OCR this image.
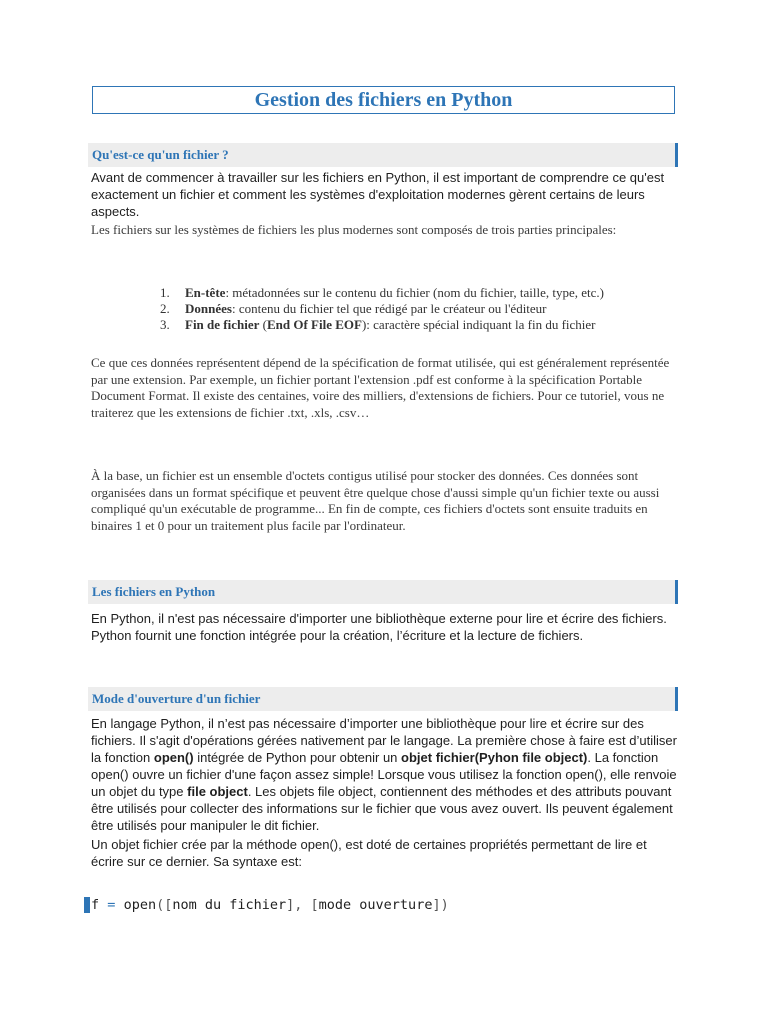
Gestion des fichiers en Python
Qu'est-ce qu'un fichier ?

Avant de commencer à travailler sur les fichiers en Python, il est important de comprendre ce qu'est exactement un fichier et comment les systèmes d'exploitation modernes gèrent certains de leurs aspects.

Les fichiers sur les systèmes de fichiers les plus modernes sont composés de trois parties principales:

1. En-tête: métadonnées sur le contenu du fichier (nom du fichier, taille, type, etc.)
2. Données: contenu du fichier tel que rédigé par le créateur ou l'éditeur
3. Fin de fichier (End Of File EOF): caractère spécial indiquant la fin du fichier

Ce que ces données représentent dépend de la spécification de format utilisée, qui est généralement représentée par une extension. Par exemple, un fichier portant l'extension .pdf est conforme à la spécification Portable Document Format. Il existe des centaines, voire des milliers, d'extensions de fichiers. Pour ce tutoriel, vous ne traiterez que les extensions de fichier .txt, .xls, .csv…

À la base, un fichier est un ensemble d'octets contigus utilisé pour stocker des données. Ces données sont organisées dans un format spécifique et peuvent être quelque chose d'aussi simple qu'un fichier texte ou aussi compliqué qu'un exécutable de programme... En fin de compte, ces fichiers d'octets sont ensuite traduits en binaires 1 et 0 pour un traitement plus facile par l'ordinateur.

Les fichiers en Python

En Python, il n'est pas nécessaire d'importer une bibliothèque externe pour lire et écrire des fichiers. Python fournit une fonction intégrée pour la création, l’écriture et la lecture de fichiers.

Mode d'ouverture d'un fichier

En langage Python, il n’est pas nécessaire d’importer une bibliothèque pour lire et écrire sur des fichiers. Il s'agit d'opérations gérées nativement par le langage. La première chose à faire est d’utiliser la fonction open() intégrée de Python pour obtenir un objet fichier(Pyhon file object). La fonction open() ouvre un fichier d'une façon assez simple! Lorsque vous utilisez la fonction open(), elle renvoie un objet du type file object. Les objets file object, contiennent des méthodes et des attributs pouvant être utilisés pour collecter des informations sur le fichier que vous avez ouvert. Ils peuvent également être utilisés pour manipuler le dit fichier.

Un objet fichier crée par la méthode open(), est doté de certaines propriétés permettant de lire et écrire sur ce dernier. Sa syntaxe est:

f
=
open ([ nom du fichier ], [ mode ouverture ])
